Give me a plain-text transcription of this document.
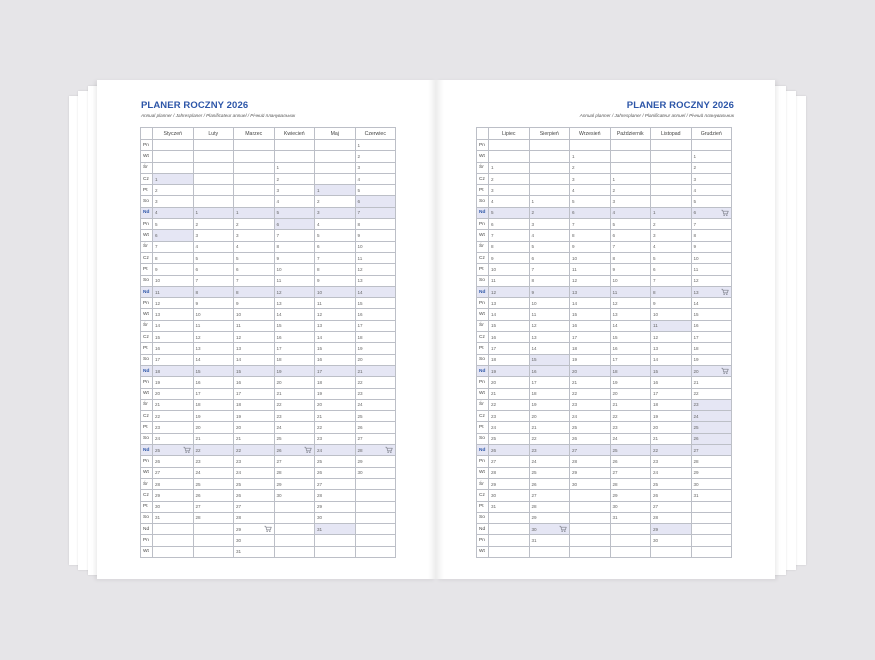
PLANER ROCZNY 2026
Annual planner / Jahresplaner / Planificateur annuel / Річний планувальник
	Styczeń	Luty	Marzec	Kwiecień	Maj	Czerwiec
Pn						1
Wt						2
Śr				1		3
Cz	1			2		4
Pt	2			3	1	5
So	3			4	2	6
Nd	4	1	1	5	3	7
Pn	5	2	2	6	4	8
Wt	6	3	3	7	5	9
Śr	7	4	4	8	6	10
Cz	8	5	5	9	7	11
Pt	9	6	6	10	8	12
So	10	7	7	11	9	13
Nd	11	8	8	12	10	14
Pn	12	9	9	13	11	15
Wt	13	10	10	14	12	16
Śr	14	11	11	15	13	17
Cz	15	12	12	16	14	18
Pt	16	13	13	17	15	19
So	17	14	14	18	16	20
Nd	18	15	15	19	17	21
Pn	19	16	16	20	18	22
Wt	20	17	17	21	19	23
Śr	21	18	18	22	20	24
Cz	22	19	19	23	21	25
Pt	23	20	20	24	22	26
So	24	21	21	25	23	27
Nd	25	22	22	26	24	28

Pn	26	23	23	27	25	29
Wt	27	24	24	28	26	30
Śr	28	25	25	29	27	
Cz	29	26	26	30	28	
Pt	30	27	27		29	
So	31	28	28		30	
Nd			29		31	
Pn			30			
Wt			31			
PLANER ROCZNY 2026
Annual planner / Jahresplaner / Planificateur annuel / Річний планувальник
	Lipiec	Sierpień	Wrzesień	Październik	Listopad	Grudzień
Pn						
Wt			1			1
Śr	1		2			2
Cz	2		3	1		3
Pt	3		4	2		4
So	4	1	5	3		5
Nd	5	2	6	4	1	6

Pn	6	3	7	5	2	7
Wt	7	4	8	6	3	8
Śr	8	5	9	7	4	9
Cz	9	6	10	8	5	10
Pt	10	7	11	9	6	11
So	11	8	12	10	7	12
Nd	12	9	13	11	8	13

Pn	13	10	14	12	9	14
Wt	14	11	15	13	10	15
Śr	15	12	16	14	11	16
Cz	16	13	17	15	12	17
Pt	17	14	18	16	13	18
So	18	15	19	17	14	19
Nd	19	16	20	18	15	20

Pn	20	17	21	19	16	21
Wt	21	18	22	20	17	22
Śr	22	19	23	21	18	23
Cz	23	20	24	22	19	24
Pt	24	21	25	23	20	25
So	25	22	26	24	21	26
Nd	26	23	27	25	22	27
Pn	27	24	28	26	23	28
Wt	28	25	29	27	24	29
Śr	29	26	30	28	25	30
Cz	30	27		29	26	31
Pt	31	28		30	27	
So		29		31	28	
Nd		30			29	
Pn		31			30	
Wt						
